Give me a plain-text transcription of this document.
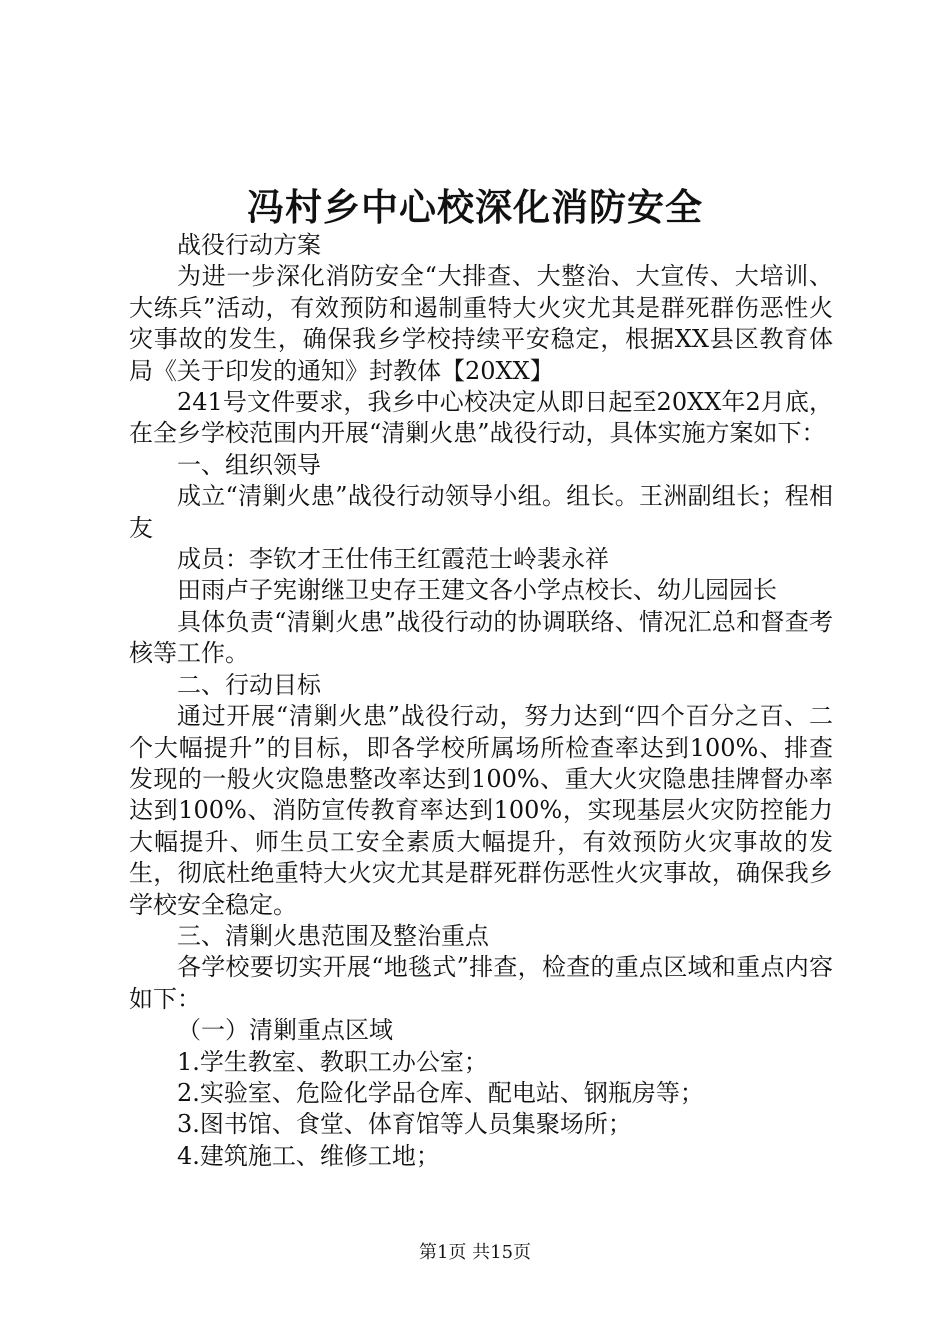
冯村乡中心校深化消防安全

战役行动方案

为进一步深化消防安全“大排查、大整治、大宣传、大培训、大练兵”活动，有效预防和遏制重特大火灾尤其是群死群伤恶性火灾事故的发生，确保我乡学校持续平安稳定，根据XX县区教育体局《关于印发的通知》封教体【20XX】

241号文件要求，我乡中心校决定从即日起至20XX年2月底，在全乡学校范围内开展“清剿火患”战役行动，具体实施方案如下：

一、组织领导

成立“清剿火患”战役行动领导小组。组长。王洲副组长；程相友

成员：李钦才王仕伟王红霞范士岭裴永祥

田雨卢子宪谢继卫史存王建文各小学点校长、幼儿园园长

具体负责“清剿火患”战役行动的协调联络、情况汇总和督查考核等工作。

二、行动目标

通过开展“清剿火患”战役行动，努力达到“四个百分之百、二个大幅提升”的目标，即各学校所属场所检查率达到100%、排查发现的一般火灾隐患整改率达到100%、重大火灾隐患挂牌督办率达到100%、消防宣传教育率达到100%，实现基层火灾防控能力大幅提升、师生员工安全素质大幅提升，有效预防火灾事故的发生，彻底杜绝重特大火灾尤其是群死群伤恶性火灾事故，确保我乡学校安全稳定。

三、清剿火患范围及整治重点

各学校要切实开展“地毯式”排查，检查的重点区域和重点内容如下：

（一）清剿重点区域

1.学生教室、教职工办公室；

2.实验室、危险化学品仓库、配电站、钢瓶房等；

3.图书馆、食堂、体育馆等人员集聚场所；

4.建筑施工、维修工地；

第1页 共15页
